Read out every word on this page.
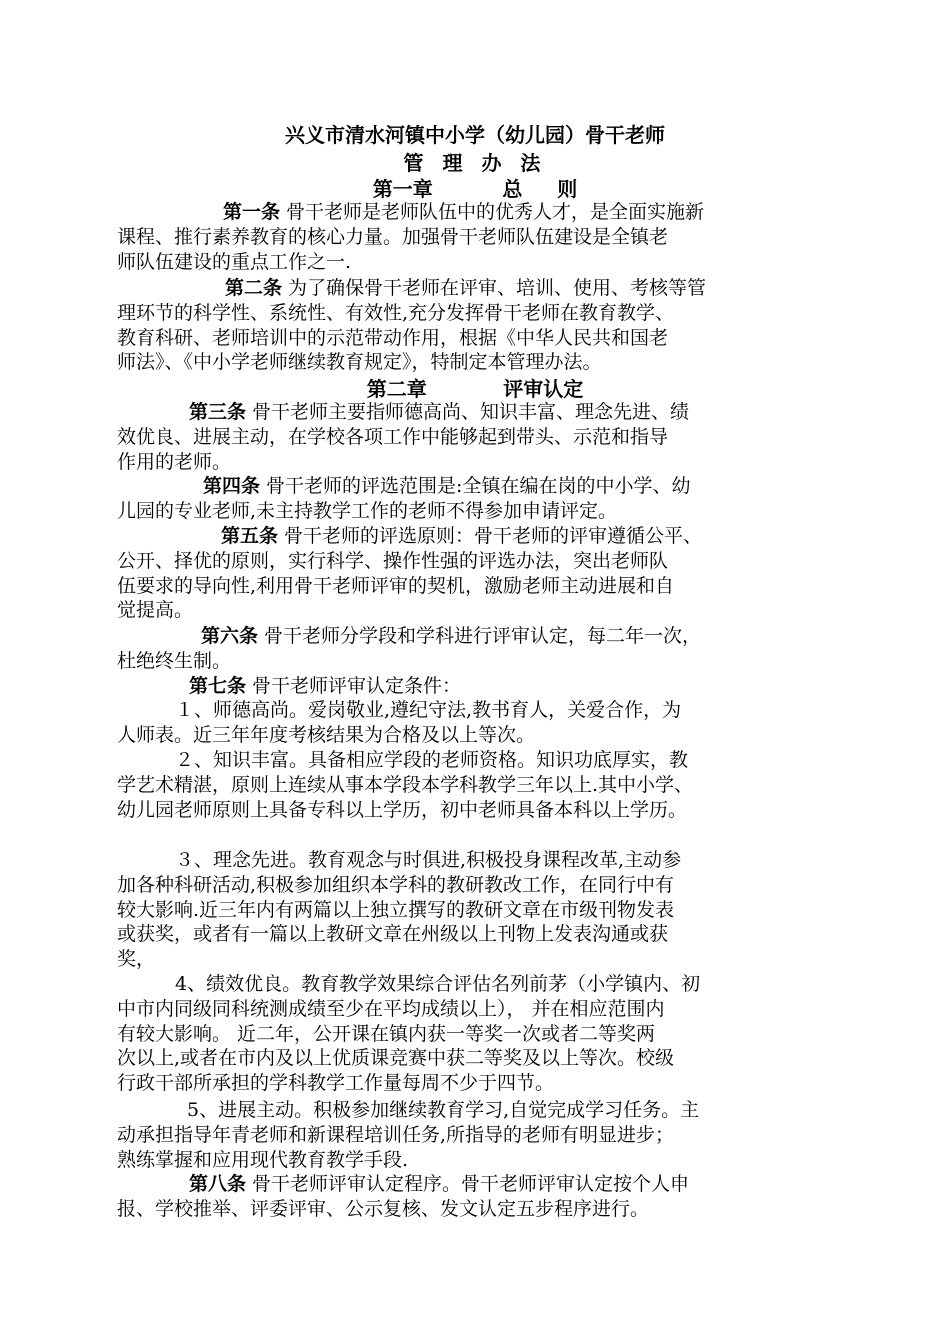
兴义市清水河镇中小学（幼儿园）骨干老师
管 理 办 法
第一章          总     则
第一条 骨干老师是老师队伍中的优秀人才，是全面实施新
课程、推行素养教育的核心力量。加强骨干老师队伍建设是全镇老
师队伍建设的重点工作之一.
第二条 为了确保骨干老师在评审、培训、使用、考核等管
理环节的科学性、系统性、有效性,充分发挥骨干老师在教育教学、
教育科研、老师培训中的示范带动作用，根据《中华人民共和国老
师法》、《中小学老师继续教育规定》，特制定本管理办法。
第二章           评审认定
第三条 骨干老师主要指师德高尚、知识丰富、理念先进、绩
效优良、进展主动，在学校各项工作中能够起到带头、示范和指导
作用的老师。
第四条 骨干老师的评选范围是:全镇在编在岗的中小学、幼
儿园的专业老师,未主持教学工作的老师不得参加申请评定。
第五条 骨干老师的评选原则：骨干老师的评审遵循公平、
公开、择优的原则，实行科学、操作性强的评选办法，突出老师队
伍要求的导向性,利用骨干老师评审的契机，激励老师主动进展和自
觉提高。
第六条 骨干老师分学段和学科进行评审认定，每二年一次，
杜绝终生制。
第七条 骨干老师评审认定条件：
１、师德高尚。爱岗敬业,遵纪守法,教书育人，关爱合作，为
人师表。近三年年度考核结果为合格及以上等次。
２、知识丰富。具备相应学段的老师资格。知识功底厚实，教
学艺术精湛，原则上连续从事本学段本学科教学三年以上.其中小学、
幼儿园老师原则上具备专科以上学历，初中老师具备本科以上学历。
３、理念先进。教育观念与时俱进,积极投身课程改革,主动参
加各种科研活动,积极参加组织本学科的教研教改工作，在同行中有
较大影响.近三年内有两篇以上独立撰写的教研文章在市级刊物发表
或获奖，或者有一篇以上教研文章在州级以上刊物上发表沟通或获
奖，
4、绩效优良。教育教学效果综合评估名列前茅（小学镇内、初
中市内同级同科统测成绩至少在平均成绩以上）， 并在相应范围内
有较大影响。 近二年，公开课在镇内获一等奖一次或者二等奖两
次以上,或者在市内及以上优质课竞赛中获二等奖及以上等次。校级
行政干部所承担的学科教学工作量每周不少于四节。
5、进展主动。积极参加继续教育学习,自觉完成学习任务。主
动承担指导年青老师和新课程培训任务,所指导的老师有明显进步；
熟练掌握和应用现代教育教学手段.
第八条 骨干老师评审认定程序。骨干老师评审认定按个人申
报、学校推举、评委评审、公示复核、发文认定五步程序进行。
